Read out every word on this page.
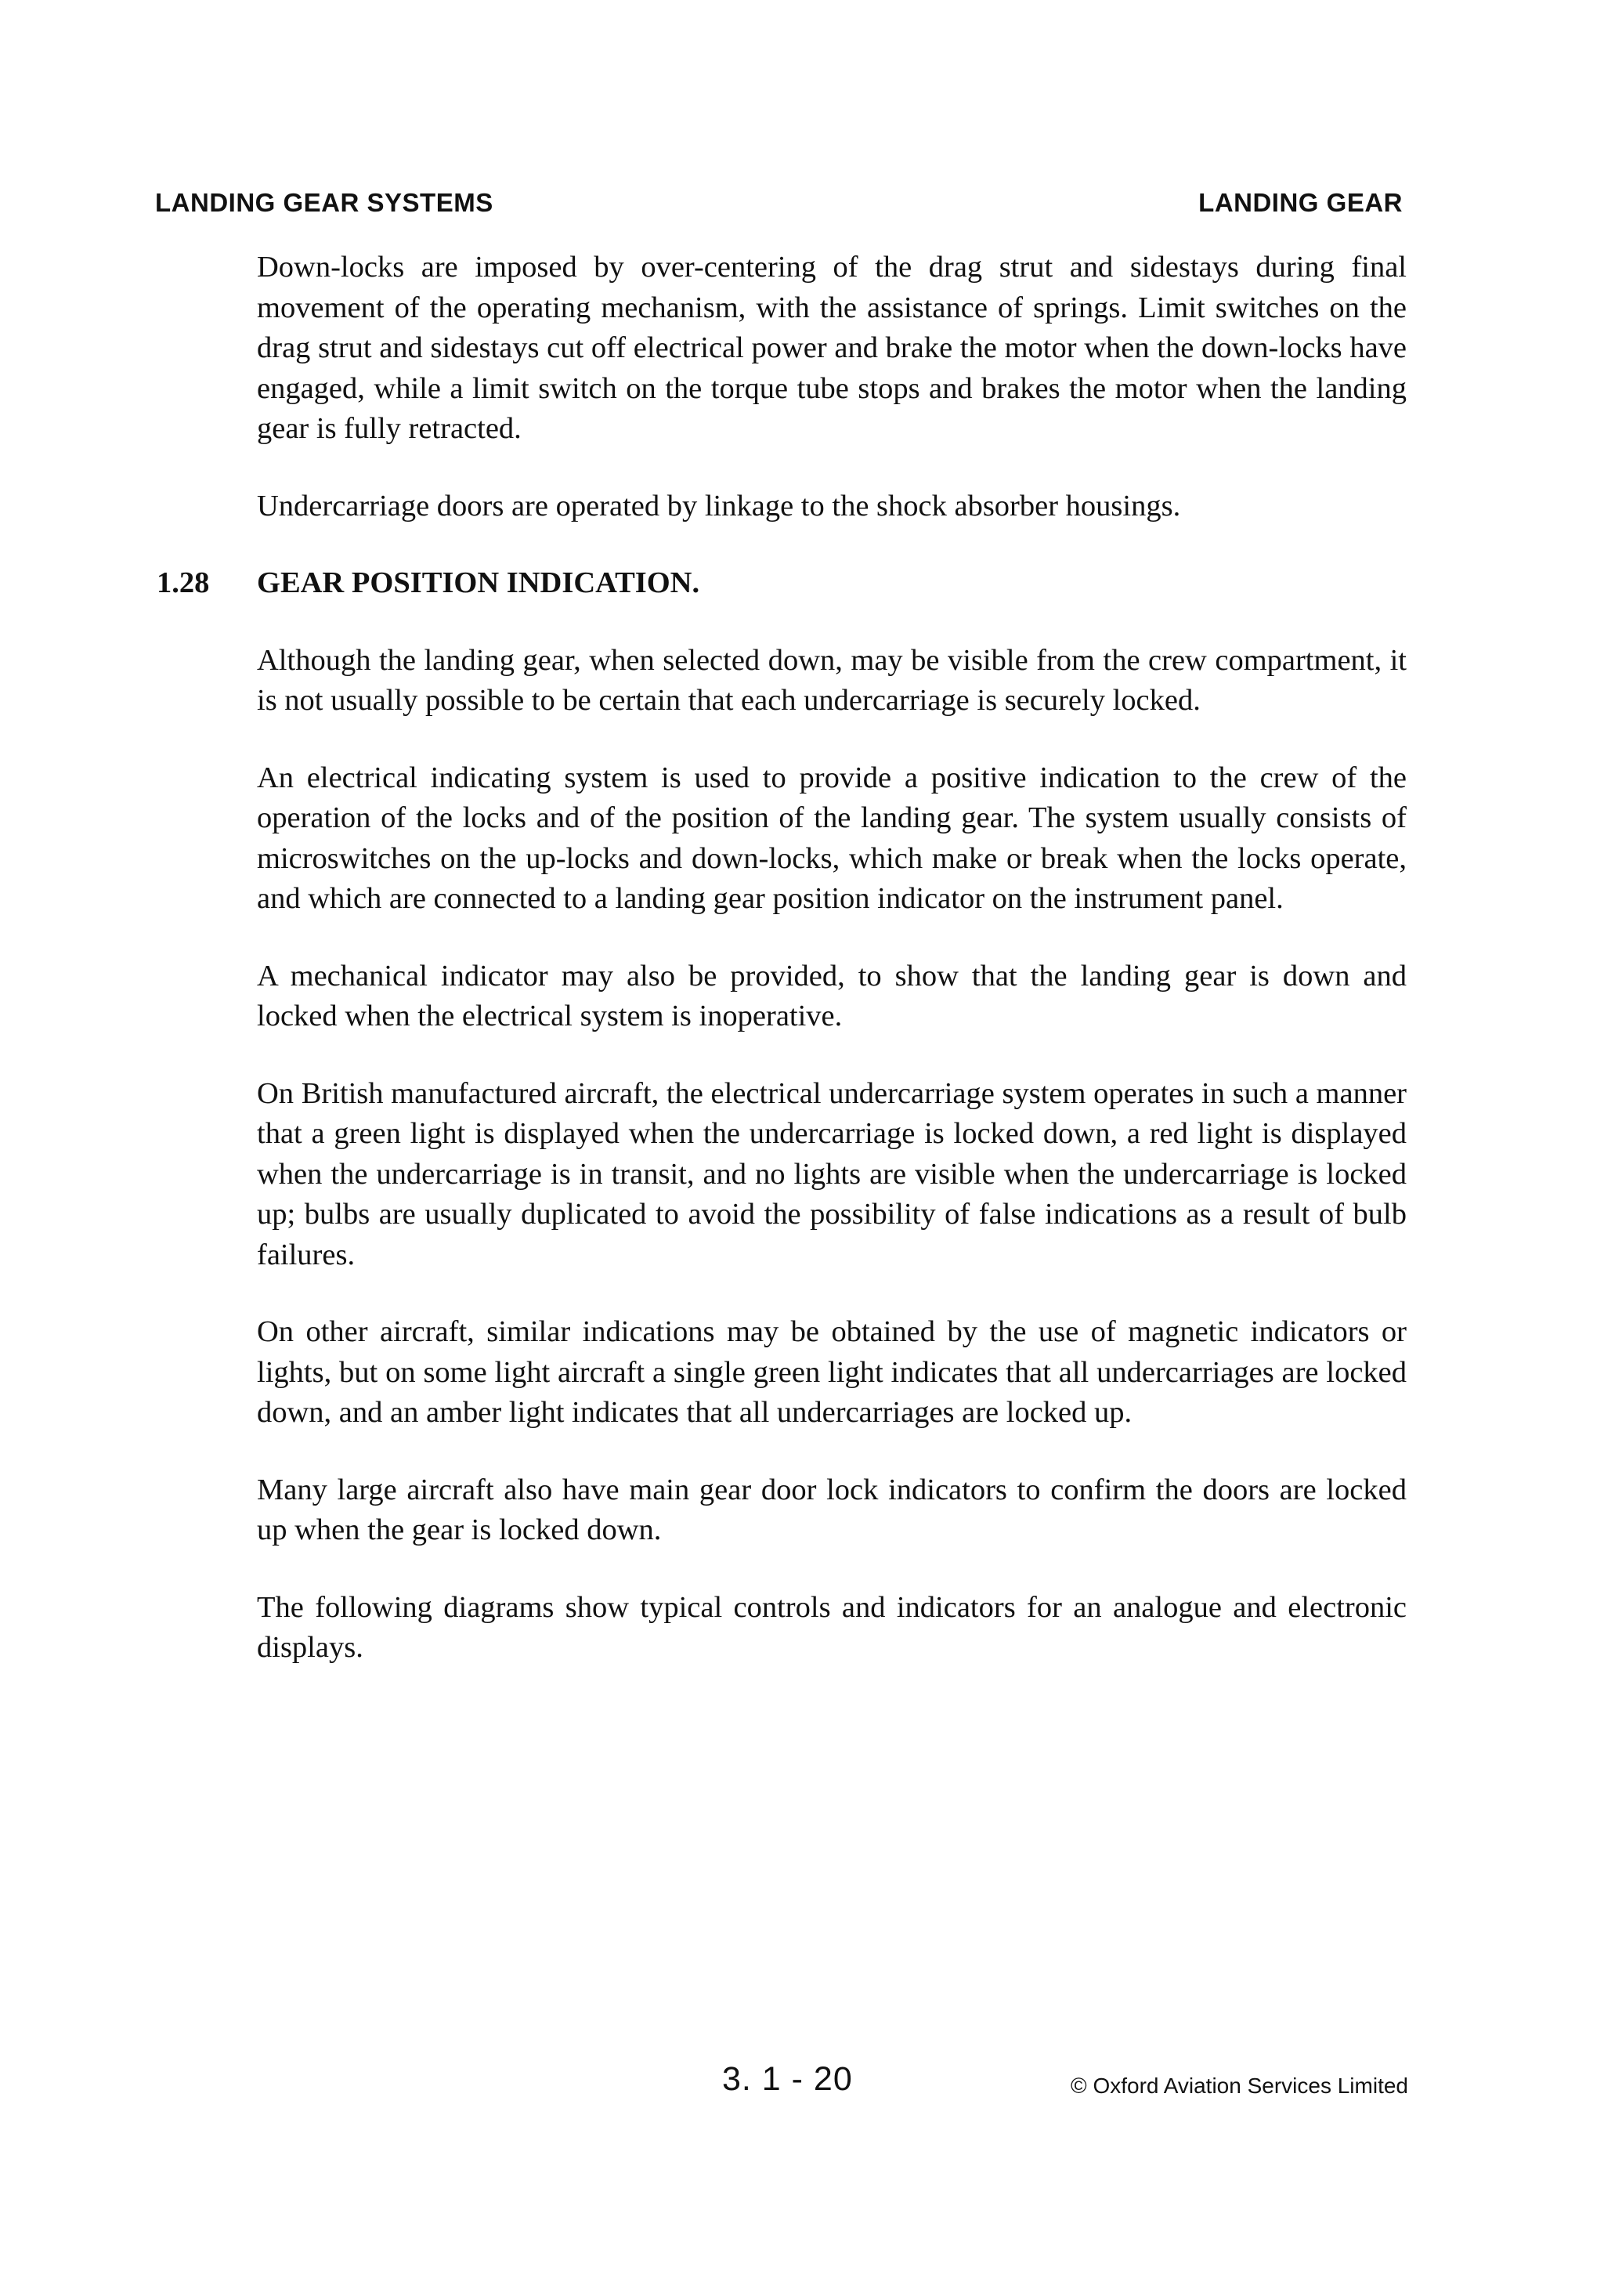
LANDING GEAR SYSTEMS	LANDING GEAR

Down-locks are imposed by over-centering of the drag strut and sidestays during final movement of the operating mechanism, with the assistance of springs. Limit switches on the drag strut and sidestays cut off electrical power and brake the motor when the down-locks have engaged, while a limit switch on the torque tube stops and brakes the motor when the landing gear is fully retracted.

Undercarriage doors are operated by linkage to the shock absorber housings.

1.28 GEAR POSITION INDICATION.

Although the landing gear, when selected down, may be visible from the crew compartment, it is not usually possible to be certain that each undercarriage is securely locked.

An electrical indicating system is used to provide a positive indication to the crew of the operation of the locks and of the position of the landing gear. The system usually consists of microswitches on the up-locks and down-locks, which make or break when the locks operate, and which are connected to a landing gear position indicator on the instrument panel.

A mechanical indicator may also be provided, to show that the landing gear is down and locked when the electrical system is inoperative.

On British manufactured aircraft, the electrical undercarriage system operates in such a manner that a green light is displayed when the undercarriage is locked down, a red light is displayed when the undercarriage is in transit, and no lights are visible when the undercarriage is locked up; bulbs are usually duplicated to avoid the possibility of false indications as a result of bulb failures.

On other aircraft, similar indications may be obtained by the use of magnetic indicators or lights, but on some light aircraft a single green light indicates that all undercarriages are locked down, and an amber light indicates that all undercarriages are locked up.

Many large aircraft also have main gear door lock indicators to confirm the doors are locked up when the gear is locked down.

The following diagrams show typical controls and indicators for an analogue and electronic displays.

3. 1 - 20	© Oxford Aviation Services Limited
